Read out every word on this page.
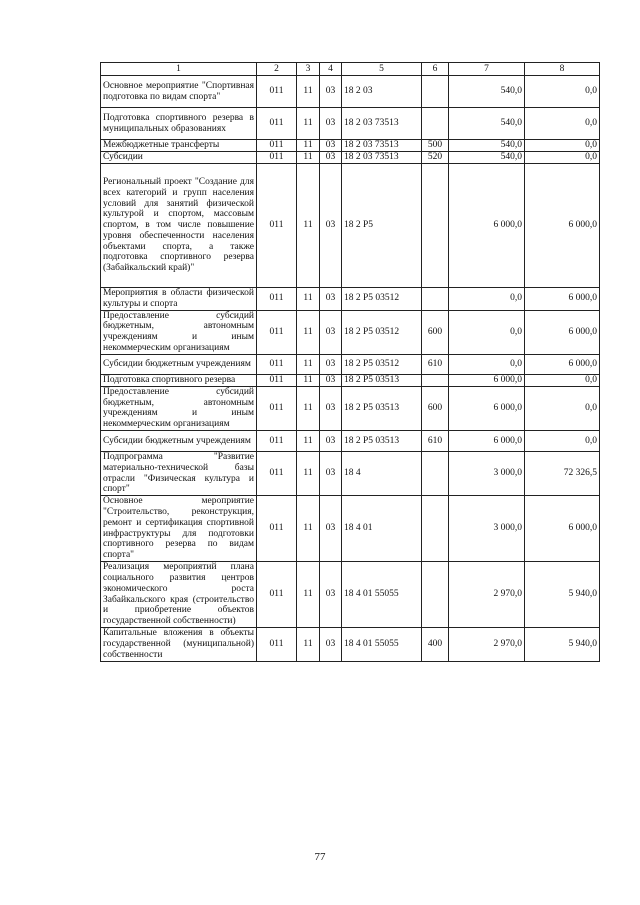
1	2	3	4	5	6	7	8
Основное мероприятие "Спортивная подготовка по видам спорта"	011	11	03	18 2 03		540,0	0,0
Подготовка спортивного резерва в муниципальных образованиях	011	11	03	18 2 03 73513		540,0	0,0
Межбюджетные трансферты	011	11	03	18 2 03 73513	500	540,0	0,0
Субсидии	011	11	03	18 2 03 73513	520	540,0	0,0
Региональный проект "Создание для всех категорий и групп населения условий для занятий физической культурой и спортом, массовым спортом, в том числе повышение уровня обеспеченности населения объектами спорта, а также подготовка спортивного резерва (Забайкальский край)"	011	11	03	18 2 P5		6 000,0	6 000,0
Мероприятия в области физической культуры и спорта	011	11	03	18 2 P5 03512		0,0	6 000,0
Предоставление субсидий бюджетным, автономным учреждениям и иным некоммерческим организациям	011	11	03	18 2 P5 03512	600	0,0	6 000,0
Субсидии бюджетным учреждениям	011	11	03	18 2 P5 03512	610	0,0	6 000,0
Подготовка спортивного резерва	011	11	03	18 2 P5 03513		6 000,0	0,0
Предоставление субсидий бюджетным, автономным учреждениям и иным некоммерческим организациям	011	11	03	18 2 P5 03513	600	6 000,0	0,0
Субсидии бюджетным учреждениям	011	11	03	18 2 P5 03513	610	6 000,0	0,0
Подпрограмма "Развитие материально-технической базы отрасли "Физическая культура и спорт"	011	11	03	18 4		3 000,0	72 326,5
Основное мероприятие "Строительство, реконструкция, ремонт и сертификация спортивной инфраструктуры для подготовки спортивного резерва по видам спорта"	011	11	03	18 4 01		3 000,0	6 000,0
Реализация мероприятий плана социального развития центров экономического роста Забайкальского края (строительство и приобретение объектов государственной собственности)	011	11	03	18 4 01 55055		2 970,0	5 940,0
Капитальные вложения в объекты государственной (муниципальной) собственности	011	11	03	18 4 01 55055	400	2 970,0	5 940,0
77
